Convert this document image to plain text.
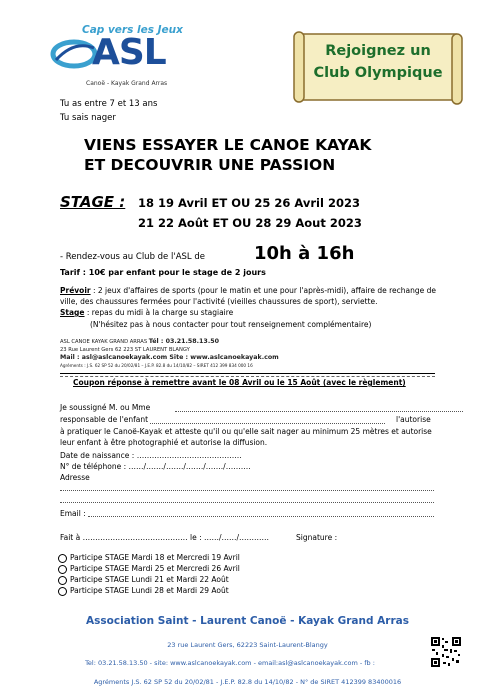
Cap vers les Jeux
ASL
Canoë - Kayak Grand Arras
Rejoignez un
Club Olympique
Tu as entre 7 et 13 ans
Tu sais nager
VIENS ESSAYER LE CANOE KAYAK
ET DECOUVRIR UNE PASSION
STAGE : 18 19 Avril ET OU 25 26 Avril 2023
21 22 Août ET OU 28 29 Aout 2023
- Rendez-vous au Club de l'ASL de	10h à 16h
Tarif : 10€ par enfant pour le stage de 2 jours
Prévoir : 2 jeux d'affaires de sports (pour le matin et une pour l'après-midi), affaire de rechange de ville, des chaussures fermées pour l'activité (vieilles chaussures de sport), serviette.
Stage : repas du midi à la charge su stagiaire
(N'hésitez pas à nous contacter pour tout renseignement complémentaire)
ASL CANOE KAYAK GRAND ARRAS Tél : 03.21.58.13.50
23 Rue Laurent Gers 62 223 ST LAURENT BLANGY
Mail : asl@aslcanoekayak.com Site : www.aslcanoekayak.com
Agréments : J.S. 62 SP 52 du 20/02/81 – J.E.P. 82.8 du 14/10/82 – SIRET 412 399 834 000 16
Coupon réponse à remettre avant le 08 Avril ou le 15 Août (avec le règlement)
Je soussigné M. ou Mme
responsable de l'enfant	l'autorise
à pratiquer le Canoë-Kayak et atteste qu'il ou qu'elle sait nager au minimum 25 mètres et autorise leur enfant à être photographié et autorise la diffusion.
Date de naissance : ……………………………………
N° de téléphone : ……/……./……./……./……./……….
Adresse
Email :
Fait à …………………………………… le : ……/……/…………	Signature :
Participe STAGE Mardi 18 et Mercredi 19 Avril
Participe STAGE Mardi 25 et Mercredi 26 Avril
Participe STAGE Lundi 21 et Mardi 22 Août
Participe STAGE Lundi 28 et Mardi 29 Août
Association Saint - Laurent Canoë - Kayak Grand Arras
23 rue Laurent Gers, 62223 Saint-Laurent-Blangy
Tel: 03.21.58.13.50 - site: www.aslcanoekayak.com - email:asl@aslcanoekayak.com - fb :
Agréments J.S. 62 SP 52 du 20/02/81 - J.E.P. 82.8 du 14/10/82 - N° de SIRET 412399 83400016
